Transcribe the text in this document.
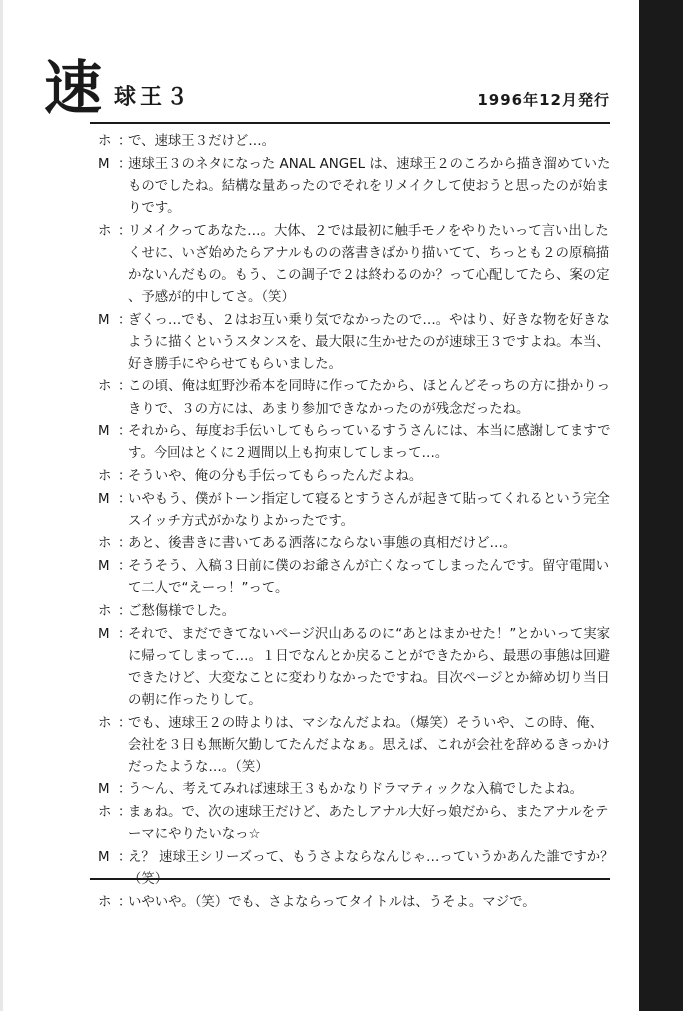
速 球王３	1996年12月発行
ホ ：
で、速球王３だけど…。
M ：
速球王３のネタになった ANAL ANGEL は、速球王２のころから描き溜めていたものでしたね。結構な量あったのでそれをリメイクして使おうと思ったのが始まりです。
ホ ：
リメイクってあなた…。大体、２では最初に触手モノをやりたいって言い出したくせに、いざ始めたらアナルものの落書きばかり描いてて、ちっとも２の原稿描かないんだもの。もう、この調子で２は終わるのか？って心配してたら、案の定、予感が的中してさ。（笑）
M ：
ぎくっ…でも、２はお互い乗り気でなかったので…。やはり、好きな物を好きなように描くというスタンスを、最大限に生かせたのが速球王３ですよね。本当、好き勝手にやらせてもらいました。
ホ ：
この頃、俺は虹野沙希本を同時に作ってたから、ほとんどそっちの方に掛かりっきりで、３の方には、あまり参加できなかったのが残念だったね。
M ：
それから、毎度お手伝いしてもらっているすうさんには、本当に感謝してますです。今回はとくに２週間以上も拘束してしまって…。
ホ ：
そういや、俺の分も手伝ってもらったんだよね。
M ：
いやもう、僕がトーン指定して寝るとすうさんが起きて貼ってくれるという完全スイッチ方式がかなりよかったです。
ホ ：
あと、後書きに書いてある洒落にならない事態の真相だけど…。
M ：
そうそう、入稿３日前に僕のお爺さんが亡くなってしまったんです。留守電聞いて二人で“えーっ！”って。
ホ ：
ご愁傷様でした。
M ：
それで、まだできてないページ沢山あるのに“あとはまかせた！”とかいって実家に帰ってしまって…。１日でなんとか戻ることができたから、最悪の事態は回避できたけど、大変なことに変わりなかったですね。目次ページとか締め切り当日の朝に作ったりして。
ホ ：
でも、速球王２の時よりは、マシなんだよね。（爆笑）そういや、この時、俺、会社を３日も無断欠勤してたんだよなぁ。思えば、これが会社を辞めるきっかけだったような…。（笑）
M ：
う～ん、考えてみれば速球王３もかなりドラマティックな入稿でしたよね。
ホ ：
まぁね。で、次の速球王だけど、あたしアナル大好っ娘だから、またアナルをテーマにやりたいなっ☆
M ：
え？ 速球王シリーズって、もうさよならなんじゃ…っていうかあんた誰ですか？
ホ ：
いやいや。（笑）でも、さよならってタイトルは、うそよ。マジで。
